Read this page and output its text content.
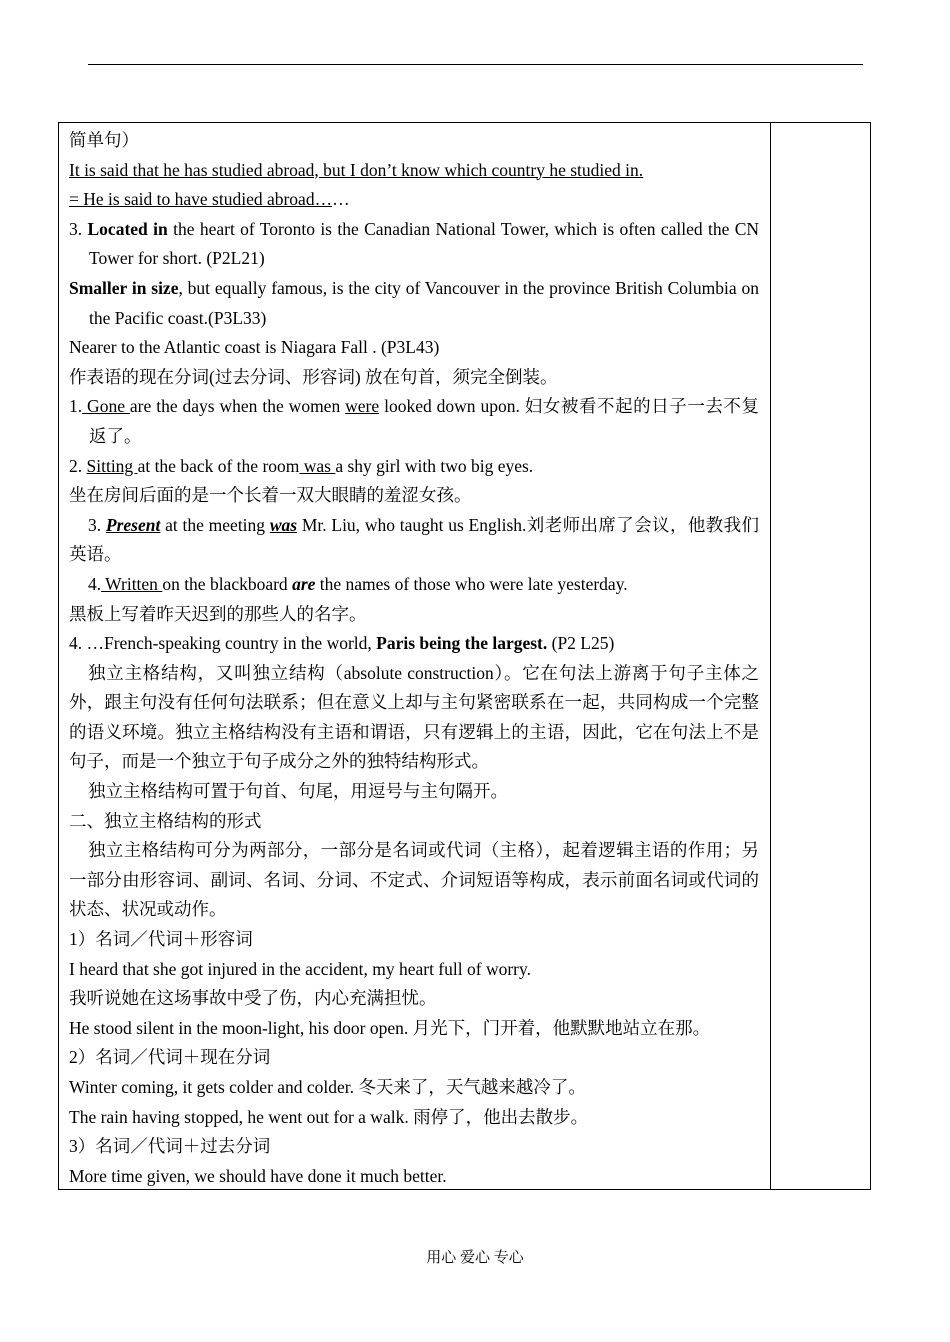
简单句）

It is said that he has studied abroad, but I don’t know which country he studied in.

= He is said to have studied abroad……

3. Located in the heart of Toronto is the Canadian National Tower, which is often called the CN Tower for short. (P2L21)

Smaller in size, but equally famous, is the city of Vancouver in the province British Columbia on the Pacific coast.(P3L33)

Nearer to the Atlantic coast is Niagara Fall . (P3L43)

作表语的现在分词(过去分词、形容词) 放在句首，须完全倒装。

1. Gone are the days when the women were looked down upon. 妇女被看不起的日子一去不复返了。

2. Sitting at the back of the room was a shy girl with two big eyes.

坐在房间后面的是一个长着一双大眼睛的羞涩女孩。

3. Present at the meeting was Mr. Liu, who taught us English.刘老师出席了会议，他教我们英语。

4. Written on the blackboard are the names of those who were late yesterday.

黑板上写着昨天迟到的那些人的名字。

4. …French-speaking country in the world, Paris being the largest. (P2 L25)

独立主格结构，又叫独立结构（absolute construction）。它在句法上游离于句子主体之外，跟主句没有任何句法联系；但在意义上却与主句紧密联系在一起，共同构成一个完整的语义环境。独立主格结构没有主语和谓语，只有逻辑上的主语，因此，它在句法上不是句子，而是一个独立于句子成分之外的独特结构形式。

独立主格结构可置于句首、句尾，用逗号与主句隔开。

二、独立主格结构的形式

独立主格结构可分为两部分，一部分是名词或代词（主格），起着逻辑主语的作用；另一部分由形容词、副词、名词、分词、不定式、介词短语等构成，表示前面名词或代词的状态、状况或动作。

1）名词／代词＋形容词

I heard that she got injured in the accident, my heart full of worry.

我听说她在这场事故中受了伤，内心充满担忧。

He stood silent in the moon-light, his door open. 月光下，门开着，他默默地站立在那。

2）名词／代词＋现在分词

Winter coming, it gets colder and colder. 冬天来了，天气越来越冷了。

The rain having stopped, he went out for a walk. 雨停了，他出去散步。

3）名词／代词＋过去分词

More time given, we should have done it much better.

用心 爱心 专心
